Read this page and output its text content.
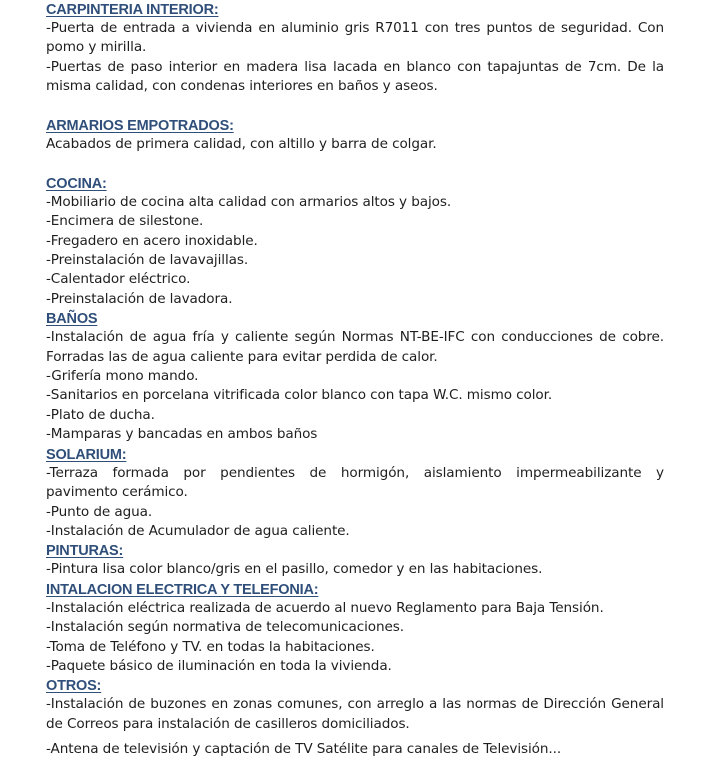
CARPINTERIA INTERIOR:
-Puerta de entrada a vivienda en aluminio gris R7011 con tres puntos de seguridad. Con
pomo y mirilla.
-Puertas de paso interior en madera lisa lacada en blanco con tapajuntas de 7cm. De la
misma calidad, con condenas interiores en baños y aseos.
ARMARIOS EMPOTRADOS:
Acabados de primera calidad, con altillo y barra de colgar.
COCINA:
-Mobiliario de cocina alta calidad con armarios altos y bajos.
-Encimera de silestone.
-Fregadero en acero inoxidable.
-Preinstalación de lavavajillas.
-Calentador eléctrico.
-Preinstalación de lavadora.
BAÑOS
-Instalación de agua fría y caliente según Normas NT-BE-IFC con conducciones de cobre.
Forradas las de agua caliente para evitar perdida de calor.
-Grifería mono mando.
-Sanitarios en porcelana vitrificada color blanco con tapa W.C. mismo color.
-Plato de ducha.
-Mamparas y bancadas en ambos baños
SOLARIUM:
-Terraza formada por pendientes de hormigón, aislamiento impermeabilizante y
pavimento cerámico.
-Punto de agua.
-Instalación de Acumulador de agua caliente.
PINTURAS:
-Pintura lisa color blanco/gris en el pasillo, comedor y en las habitaciones.
INTALACION ELECTRICA Y TELEFONIA:
-Instalación eléctrica realizada de acuerdo al nuevo Reglamento para Baja Tensión.
-Instalación según normativa de telecomunicaciones.
-Toma de Teléfono y TV. en todas la habitaciones.
-Paquete básico de iluminación en toda la vivienda.
OTROS:
-Instalación de buzones en zonas comunes, con arreglo a las normas de Dirección General
de Correos para instalación de casilleros domiciliados.
-Antena de televisión y captación de TV Satélite para canales de Televisión...
